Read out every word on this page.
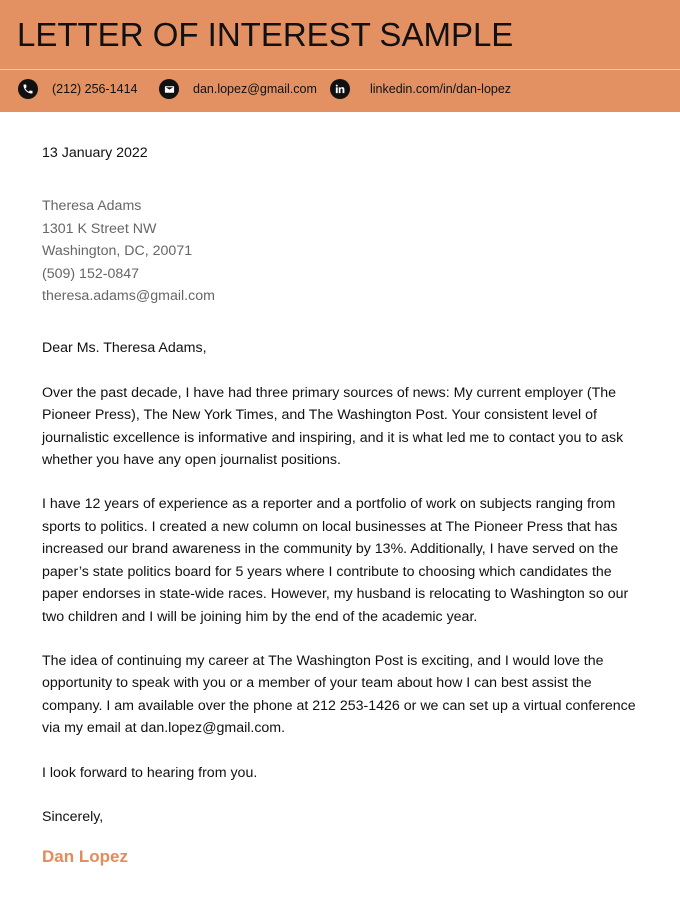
LETTER OF INTEREST SAMPLE
(212) 256-1414	dan.lopez@gmail.com	linkedin.com/in/dan-lopez
13 January 2022
Theresa Adams
1301 K Street NW
Washington, DC, 20071
(509) 152-0847
theresa.adams@gmail.com
Dear Ms. Theresa Adams,

Over the past decade, I have had three primary sources of news: My current employer (The Pioneer Press), The New York Times, and The Washington Post. Your consistent level of journalistic excellence is informative and inspiring, and it is what led me to contact you to ask whether you have any open journalist positions.

I have 12 years of experience as a reporter and a portfolio of work on subjects ranging from sports to politics. I created a new column on local businesses at The Pioneer Press that has increased our brand awareness in the community by 13%. Additionally, I have served on the paper’s state politics board for 5 years where I contribute to choosing which candidates the paper endorses in state-wide races. However, my husband is relocating to Washington so our two children and I will be joining him by the end of the academic year.

The idea of continuing my career at The Washington Post is exciting, and I would love the opportunity to speak with you or a member of your team about how I can best assist the company. I am available over the phone at 212 253-1426 or we can set up a virtual conference via my email at dan.lopez@gmail.com.

I look forward to hearing from you.

Sincerely,
Dan Lopez
